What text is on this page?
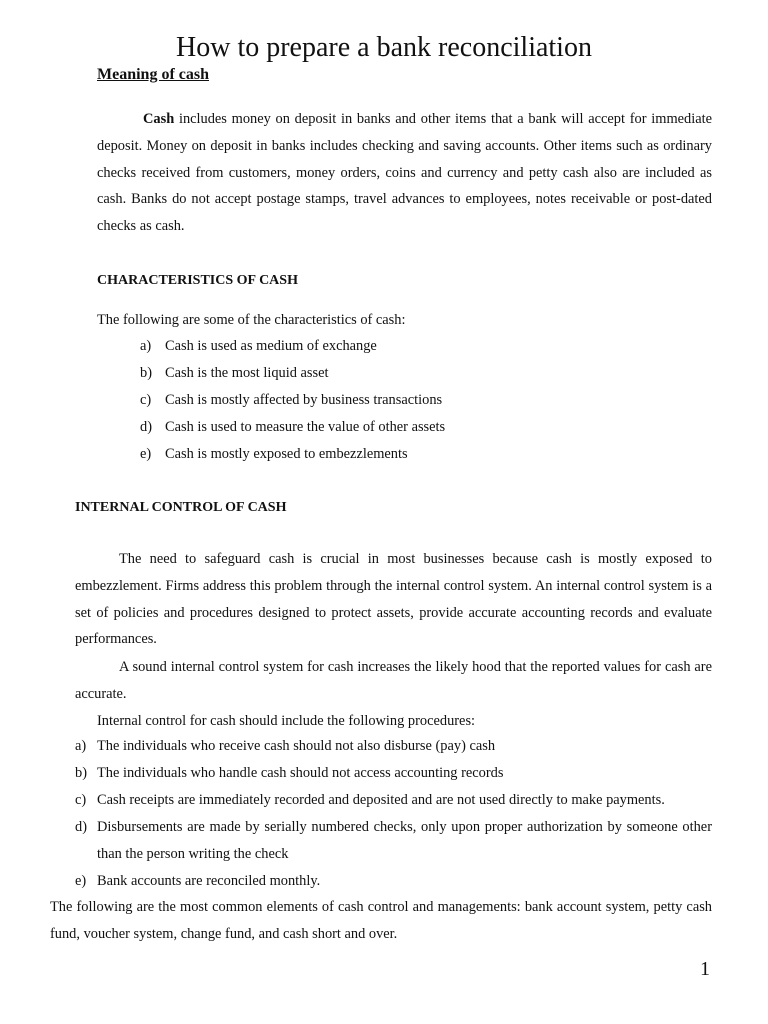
How to prepare a bank reconciliation
Meaning of cash

Cash includes money on deposit in banks and other items that a bank will accept for immediate deposit. Money on deposit in banks includes checking and saving accounts. Other items such as ordinary checks received from customers, money orders, coins and currency and petty cash also are included as cash. Banks do not accept postage stamps, travel advances to employees, notes receivable or post-dated checks as cash.

CHARACTERISTICS OF CASH
The following are some of the characteristics of cash:
a) Cash is used as medium of exchange
b) Cash is the most liquid asset
c) Cash is mostly affected by business transactions
d) Cash is used to measure the value of other assets
e) Cash is mostly exposed to embezzlements
INTERNAL CONTROL OF CASH

The need to safeguard cash is crucial in most businesses because cash is mostly exposed to embezzlement. Firms address this problem through the internal control system. An internal control system is a set of policies and procedures designed to protect assets, provide accurate accounting records and evaluate performances.

A sound internal control system for cash increases the likely hood that the reported values for cash are accurate.

Internal control for cash should include the following procedures:
a) The individuals who receive cash should not also disburse (pay) cash
b) The individuals who handle cash should not access accounting records
c) Cash receipts are immediately recorded and deposited and are not used directly to make payments.
d) Disbursements are made by serially numbered checks, only upon proper authorization by someone other than the person writing the check
e) Bank accounts are reconciled monthly.

The following are the most common elements of cash control and managements: bank account system, petty cash fund, voucher system, change fund, and cash short and over.

1
